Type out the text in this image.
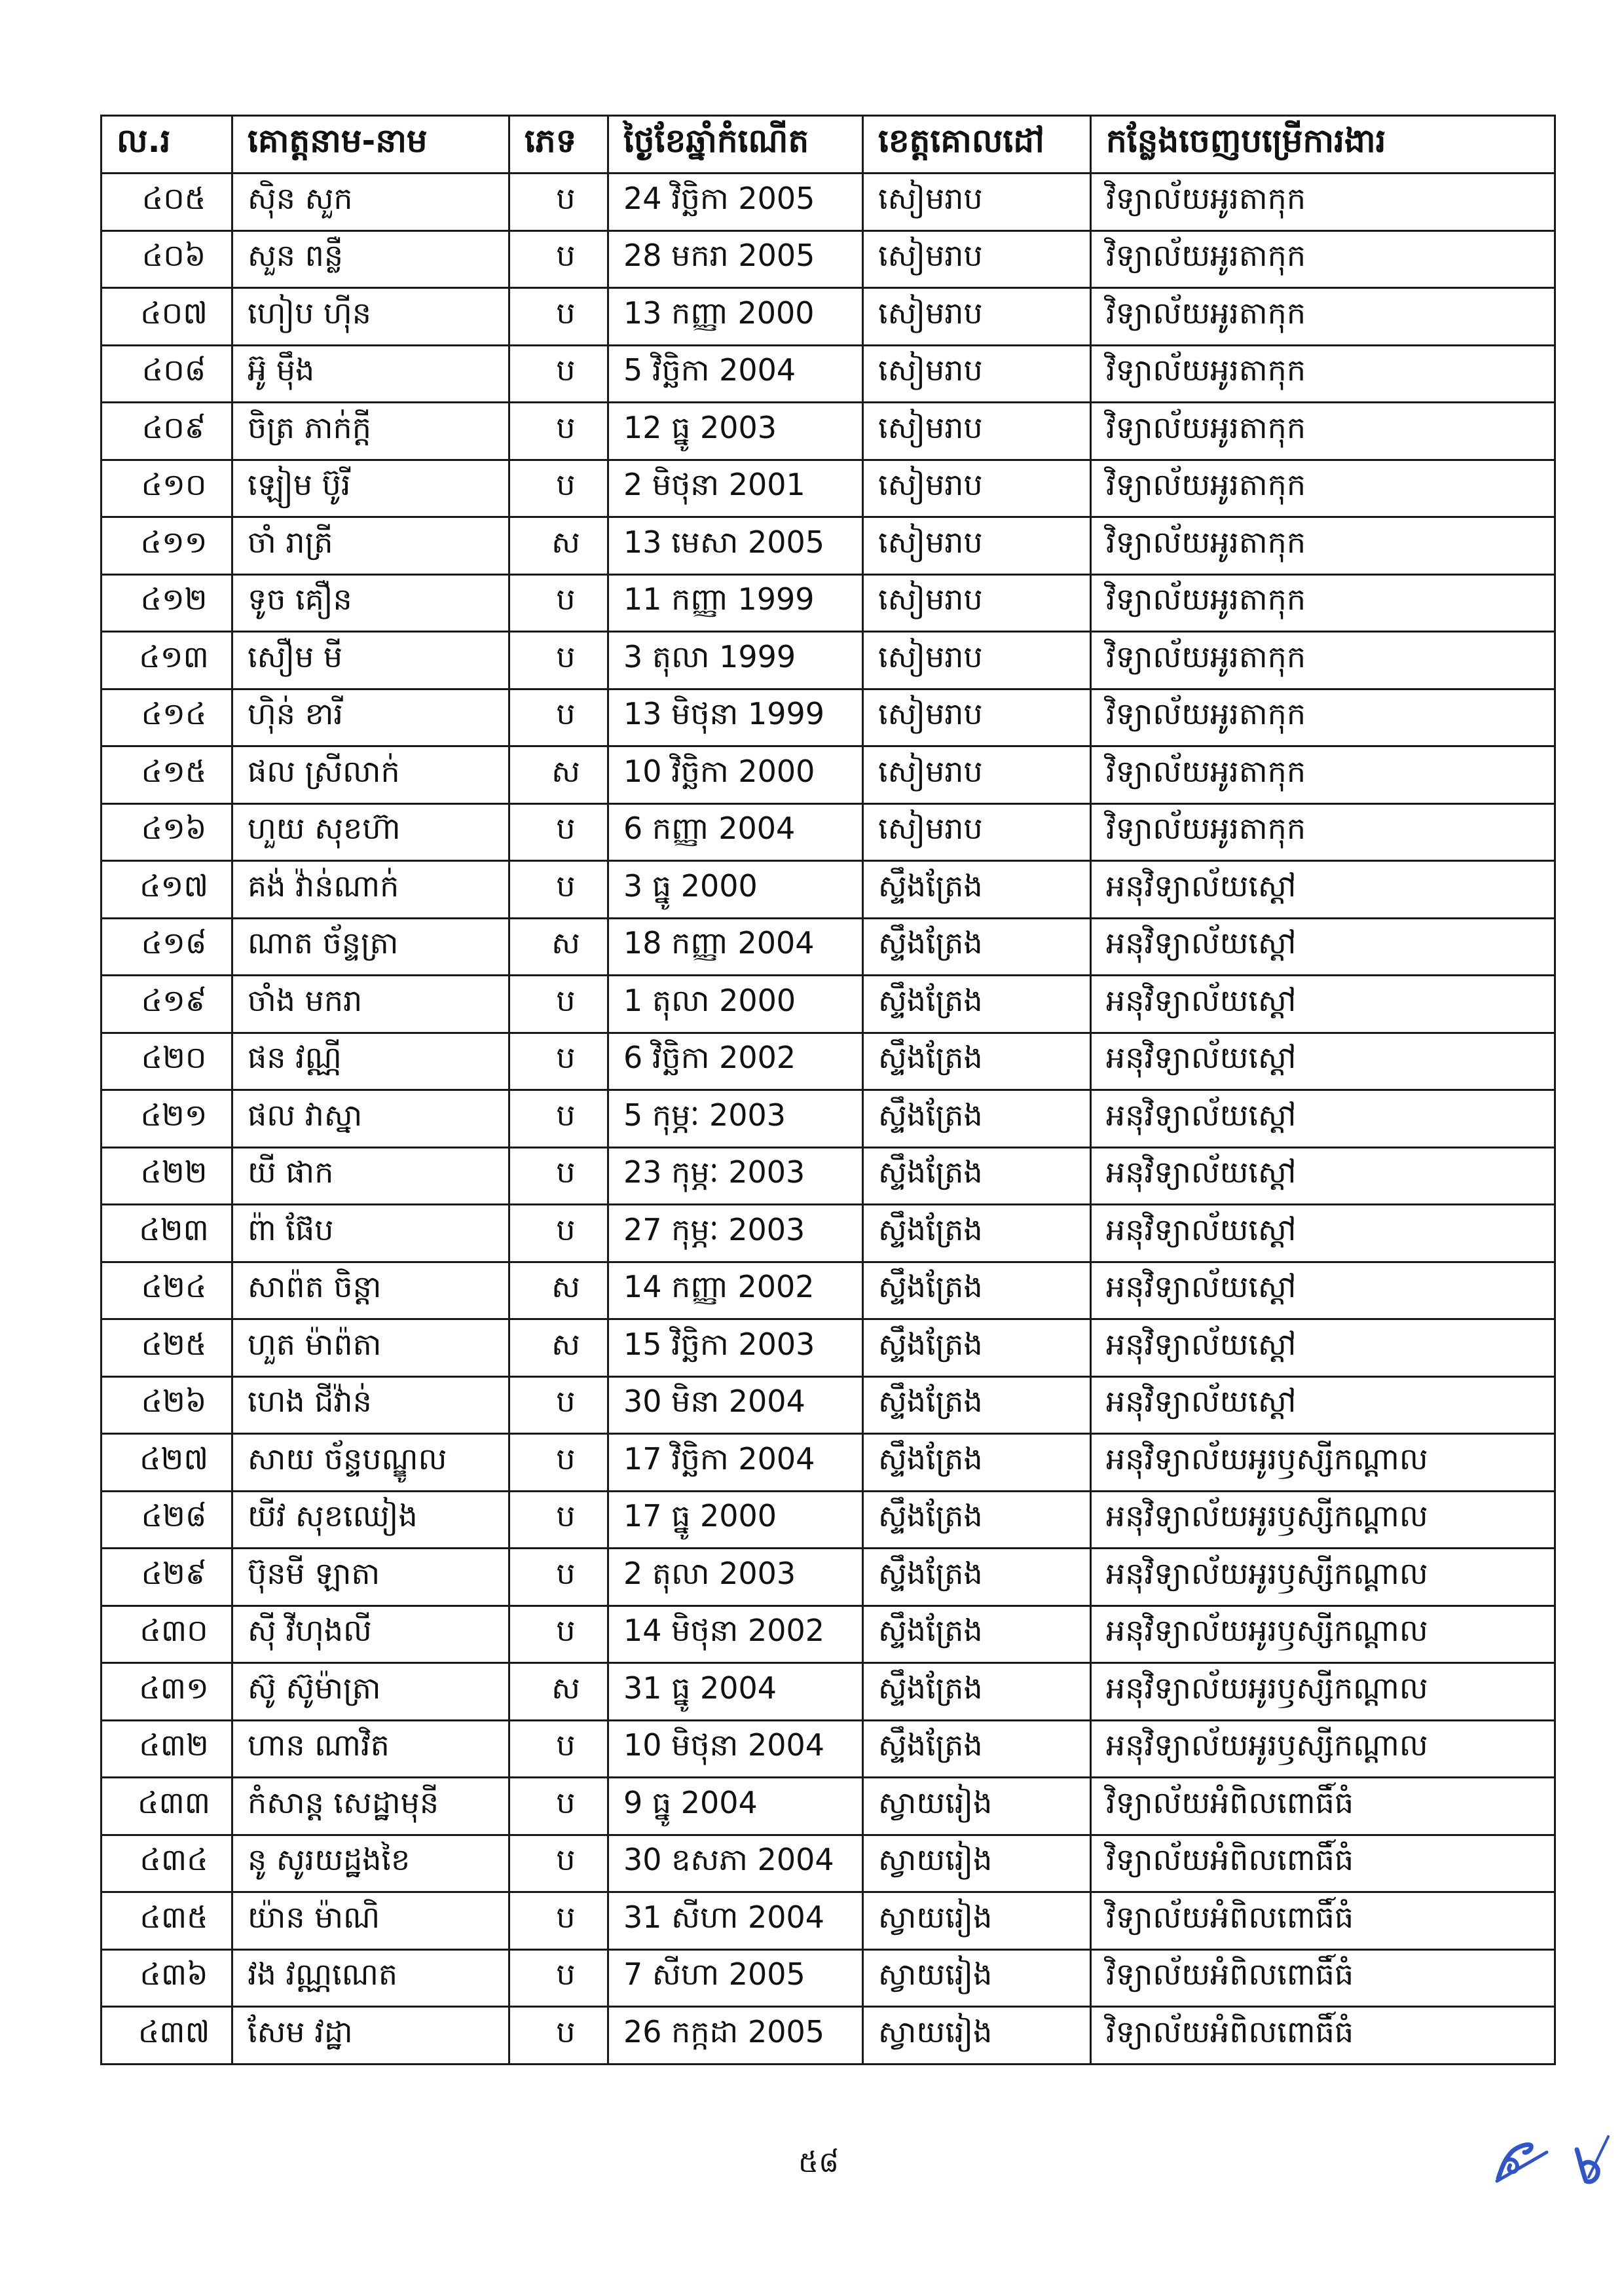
ល.រ	គោត្តនាម-នាម	ភេទ	ថ្ងៃខែឆ្នាំកំណើត	ខេត្តគោលដៅ	កន្លែងចេញបម្រើការងារ
៤០៥	ស៊ិន សួក	ប	24 វិច្ឆិកា 2005	សៀមរាប	វិទ្យាល័យអូរតាកុក
៤០៦	សួន ពន្លឺ	ប	28 មករា 2005	សៀមរាប	វិទ្យាល័យអូរតាកុក
៤០៧	ហៀប ហ៊ីន	ប	13 កញ្ញា 2000	សៀមរាប	វិទ្យាល័យអូរតាកុក
៤០៨	អ៊ូ ម៉ឹង	ប	5 វិច្ឆិកា 2004	សៀមរាប	វិទ្យាល័យអូរតាកុក
៤០៩	ចិត្រ ភាក់ក្តី	ប	12 ធ្នូ 2003	សៀមរាប	វិទ្យាល័យអូរតាកុក
៤១០	ឡៀម ប៊ូរី	ប	2 មិថុនា 2001	សៀមរាប	វិទ្យាល័យអូរតាកុក
៤១១	ចាំ រាត្រី	ស	13 មេសា 2005	សៀមរាប	វិទ្យាល័យអូរតាកុក
៤១២	ទូច គឿន	ប	11 កញ្ញា 1999	សៀមរាប	វិទ្យាល័យអូរតាកុក
៤១៣	សឿម មី	ប	3 តុលា 1999	សៀមរាប	វិទ្យាល័យអូរតាកុក
៤១៤	ហ៊ិន់ ខារី	ប	13 មិថុនា 1999	សៀមរាប	វិទ្យាល័យអូរតាកុក
៤១៥	ផល ស្រីលាក់	ស	10 វិច្ឆិកា 2000	សៀមរាប	វិទ្យាល័យអូរតាកុក
៤១៦	ហួយ សុខហ៊ា	ប	6 កញ្ញា 2004	សៀមរាប	វិទ្យាល័យអូរតាកុក
៤១៧	គង់ វ៉ាន់ណាក់	ប	3 ធ្នូ 2000	ស្ទឹងត្រែង	អនុវិទ្យាល័យស្តៅ
៤១៨	ណាត ច័ន្ទត្រា	ស	18 កញ្ញា 2004	ស្ទឹងត្រែង	អនុវិទ្យាល័យស្តៅ
៤១៩	ចាំង មករា	ប	1 តុលា 2000	ស្ទឹងត្រែង	អនុវិទ្យាល័យស្តៅ
៤២០	ផន វណ្ណី	ប	6 វិច្ឆិកា 2002	ស្ទឹងត្រែង	អនុវិទ្យាល័យស្តៅ
៤២១	ផល វាស្នា	ប	5 កុម្ភៈ 2003	ស្ទឹងត្រែង	អនុវិទ្យាល័យស្តៅ
៤២២	យី ផាក	ប	23 កុម្ភៈ 2003	ស្ទឹងត្រែង	អនុវិទ្យាល័យស្តៅ
៤២៣	ព៉ា ផ៊ែប	ប	27 កុម្ភៈ 2003	ស្ទឹងត្រែង	អនុវិទ្យាល័យស្តៅ
៤២៤	សាព៉ត ចិន្តា	ស	14 កញ្ញា 2002	ស្ទឹងត្រែង	អនុវិទ្យាល័យស្តៅ
៤២៥	ហួត ម៉ាព៉តា	ស	15 វិច្ឆិកា 2003	ស្ទឹងត្រែង	អនុវិទ្យាល័យស្តៅ
៤២៦	ហេង ជីវ៉ាន់	ប	30 មិនា 2004	ស្ទឹងត្រែង	អនុវិទ្យាល័យស្តៅ
៤២៧	សាយ ច័ន្ទបណ្ឌូល	ប	17 វិច្ឆិកា 2004	ស្ទឹងត្រែង	អនុវិទ្យាល័យអូរឫស្សីកណ្តាល
៤២៨	យីវ សុខឈៀង	ប	17 ធ្នូ 2000	ស្ទឹងត្រែង	អនុវិទ្យាល័យអូរឫស្សីកណ្តាល
៤២៩	ប៊ុនមី ឡាតា	ប	2 តុលា 2003	ស្ទឹងត្រែង	អនុវិទ្យាល័យអូរឫស្សីកណ្តាល
៤៣០	ស៊ី វីហុងលី	ប	14 មិថុនា 2002	ស្ទឹងត្រែង	អនុវិទ្យាល័យអូរឫស្សីកណ្តាល
៤៣១	ស៊ូ ស៊ូម៉ាត្រា	ស	31 ធ្នូ 2004	ស្ទឹងត្រែង	អនុវិទ្យាល័យអូរឫស្សីកណ្តាល
៤៣២	ហាន ណាវិត	ប	10 មិថុនា 2004	ស្ទឹងត្រែង	អនុវិទ្យាល័យអូរឫស្សីកណ្តាល
៤៣៣	កំសាន្ត សេដ្ឋាមុនី	ប	9 ធ្នូ 2004	ស្វាយរៀង	វិទ្យាល័យអំពិលពោធិ៍ធំ
៤៣៤	នូ សូរយដ្ឋងខៃ	ប	30 ឧសភា 2004	ស្វាយរៀង	វិទ្យាល័យអំពិលពោធិ៍ធំ
៤៣៥	យ៉ាន ម៉ាណិ	ប	31 សីហា 2004	ស្វាយរៀង	វិទ្យាល័យអំពិលពោធិ៍ធំ
៤៣៦	វង វណ្ណណេត	ប	7 សីហា 2005	ស្វាយរៀង	វិទ្យាល័យអំពិលពោធិ៍ធំ
៤៣៧	សែម វដ្ឋា	ប	26 កក្កដា 2005	ស្វាយរៀង	វិទ្យាល័យអំពិលពោធិ៍ធំ
៥៨
